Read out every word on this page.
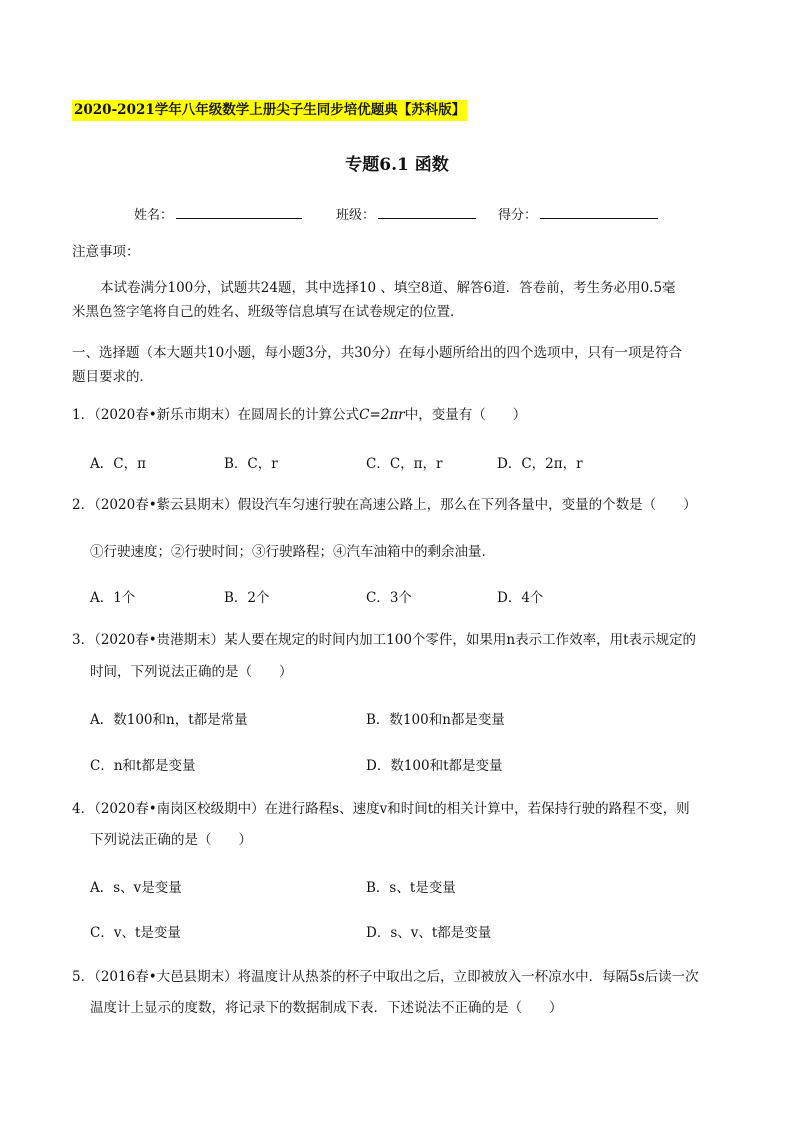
2020-2021学年八年级数学上册尖子生同步培优题典【苏科版】
专题6.1 函数
姓名：	班级：	得分：
注意事项：
本试卷满分100分，试题共24题，其中选择10 、填空8道、解答6道．答卷前，考生务必用0.5毫
米黑色签字笔将自己的姓名、班级等信息填写在试卷规定的位置．
一、选择题（本大题共10小题，每小题3分，共30分）在每小题所给出的四个选项中，只有一项是符合
题目要求的．
1．（2020春•新乐市期末）在圆周长的计算公式C=2πr中，变量有（　　）
A．C，π	B．C，r	C．C，π，r	D．C，2π，r
2．（2020春•紫云县期末）假设汽车匀速行驶在高速公路上，那么在下列各量中，变量的个数是（　　）
①行驶速度；②行驶时间；③行驶路程；④汽车油箱中的剩余油量．
A．1个	B．2个	C．3个	D．4个
3．（2020春•贵港期末）某人要在规定的时间内加工100个零件，如果用n表示工作效率，用t表示规定的
时间，下列说法正确的是（　　）
A．数100和n，t都是常量	B．数100和n都是变量
C．n和t都是变量	D．数100和t都是变量
4．（2020春•南岗区校级期中）在进行路程s、速度v和时间t的相关计算中，若保持行驶的路程不变，则
下列说法正确的是（　　）
A．s、v是变量	B．s、t是变量
C．v、t是变量	D．s、v、t都是变量
5．（2016春•大邑县期末）将温度计从热茶的杯子中取出之后，立即被放入一杯凉水中．每隔5s后读一次
温度计上显示的度数，将记录下的数据制成下表．下述说法不正确的是（　　）
